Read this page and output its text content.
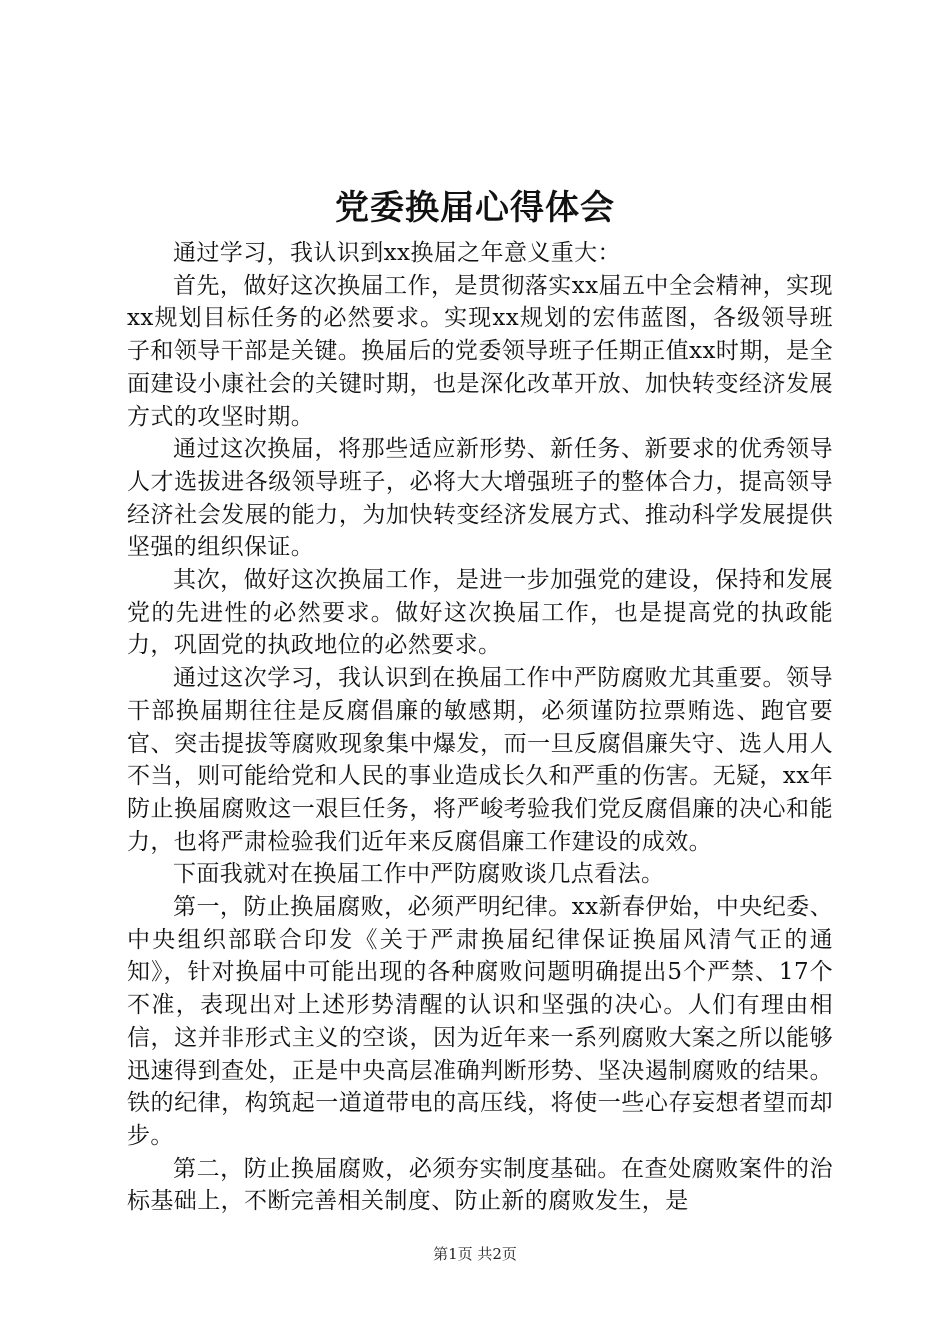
党委换届心得体会

通过学习，我认识到xx换届之年意义重大：

首先，做好这次换届工作，是贯彻落实xx届五中全会精神，实现xx规划目标任务的必然要求。实现xx规划的宏伟蓝图，各级领导班子和领导干部是关键。换届后的党委领导班子任期正值xx时期，是全面建设小康社会的关键时期，也是深化改革开放、加快转变经济发展方式的攻坚时期。

通过这次换届，将那些适应新形势、新任务、新要求的优秀领导人才选拔进各级领导班子，必将大大增强班子的整体合力，提高领导经济社会发展的能力，为加快转变经济发展方式、推动科学发展提供坚强的组织保证。

其次，做好这次换届工作，是进一步加强党的建设，保持和发展党的先进性的必然要求。做好这次换届工作，也是提高党的执政能力，巩固党的执政地位的必然要求。

通过这次学习，我认识到在换届工作中严防腐败尤其重要。领导干部换届期往往是反腐倡廉的敏感期，必须谨防拉票贿选、跑官要官、突击提拔等腐败现象集中爆发，而一旦反腐倡廉失守、选人用人不当，则可能给党和人民的事业造成长久和严重的伤害。无疑，xx年防止换届腐败这一艰巨任务，将严峻考验我们党反腐倡廉的决心和能力，也将严肃检验我们近年来反腐倡廉工作建设的成效。

下面我就对在换届工作中严防腐败谈几点看法。

第一，防止换届腐败，必须严明纪律。xx新春伊始，中央纪委、中央组织部联合印发《关于严肃换届纪律保证换届风清气正的通知》，针对换届中可能出现的各种腐败问题明确提出5个严禁、17个不准，表现出对上述形势清醒的认识和坚强的决心。人们有理由相信，这并非形式主义的空谈，因为近年来一系列腐败大案之所以能够迅速得到查处，正是中央高层准确判断形势、坚决遏制腐败的结果。铁的纪律，构筑起一道道带电的高压线，将使一些心存妄想者望而却步。

第二，防止换届腐败，必须夯实制度基础。在查处腐败案件的治标基础上，不断完善相关制度、防止新的腐败发生，是

第1页 共2页
